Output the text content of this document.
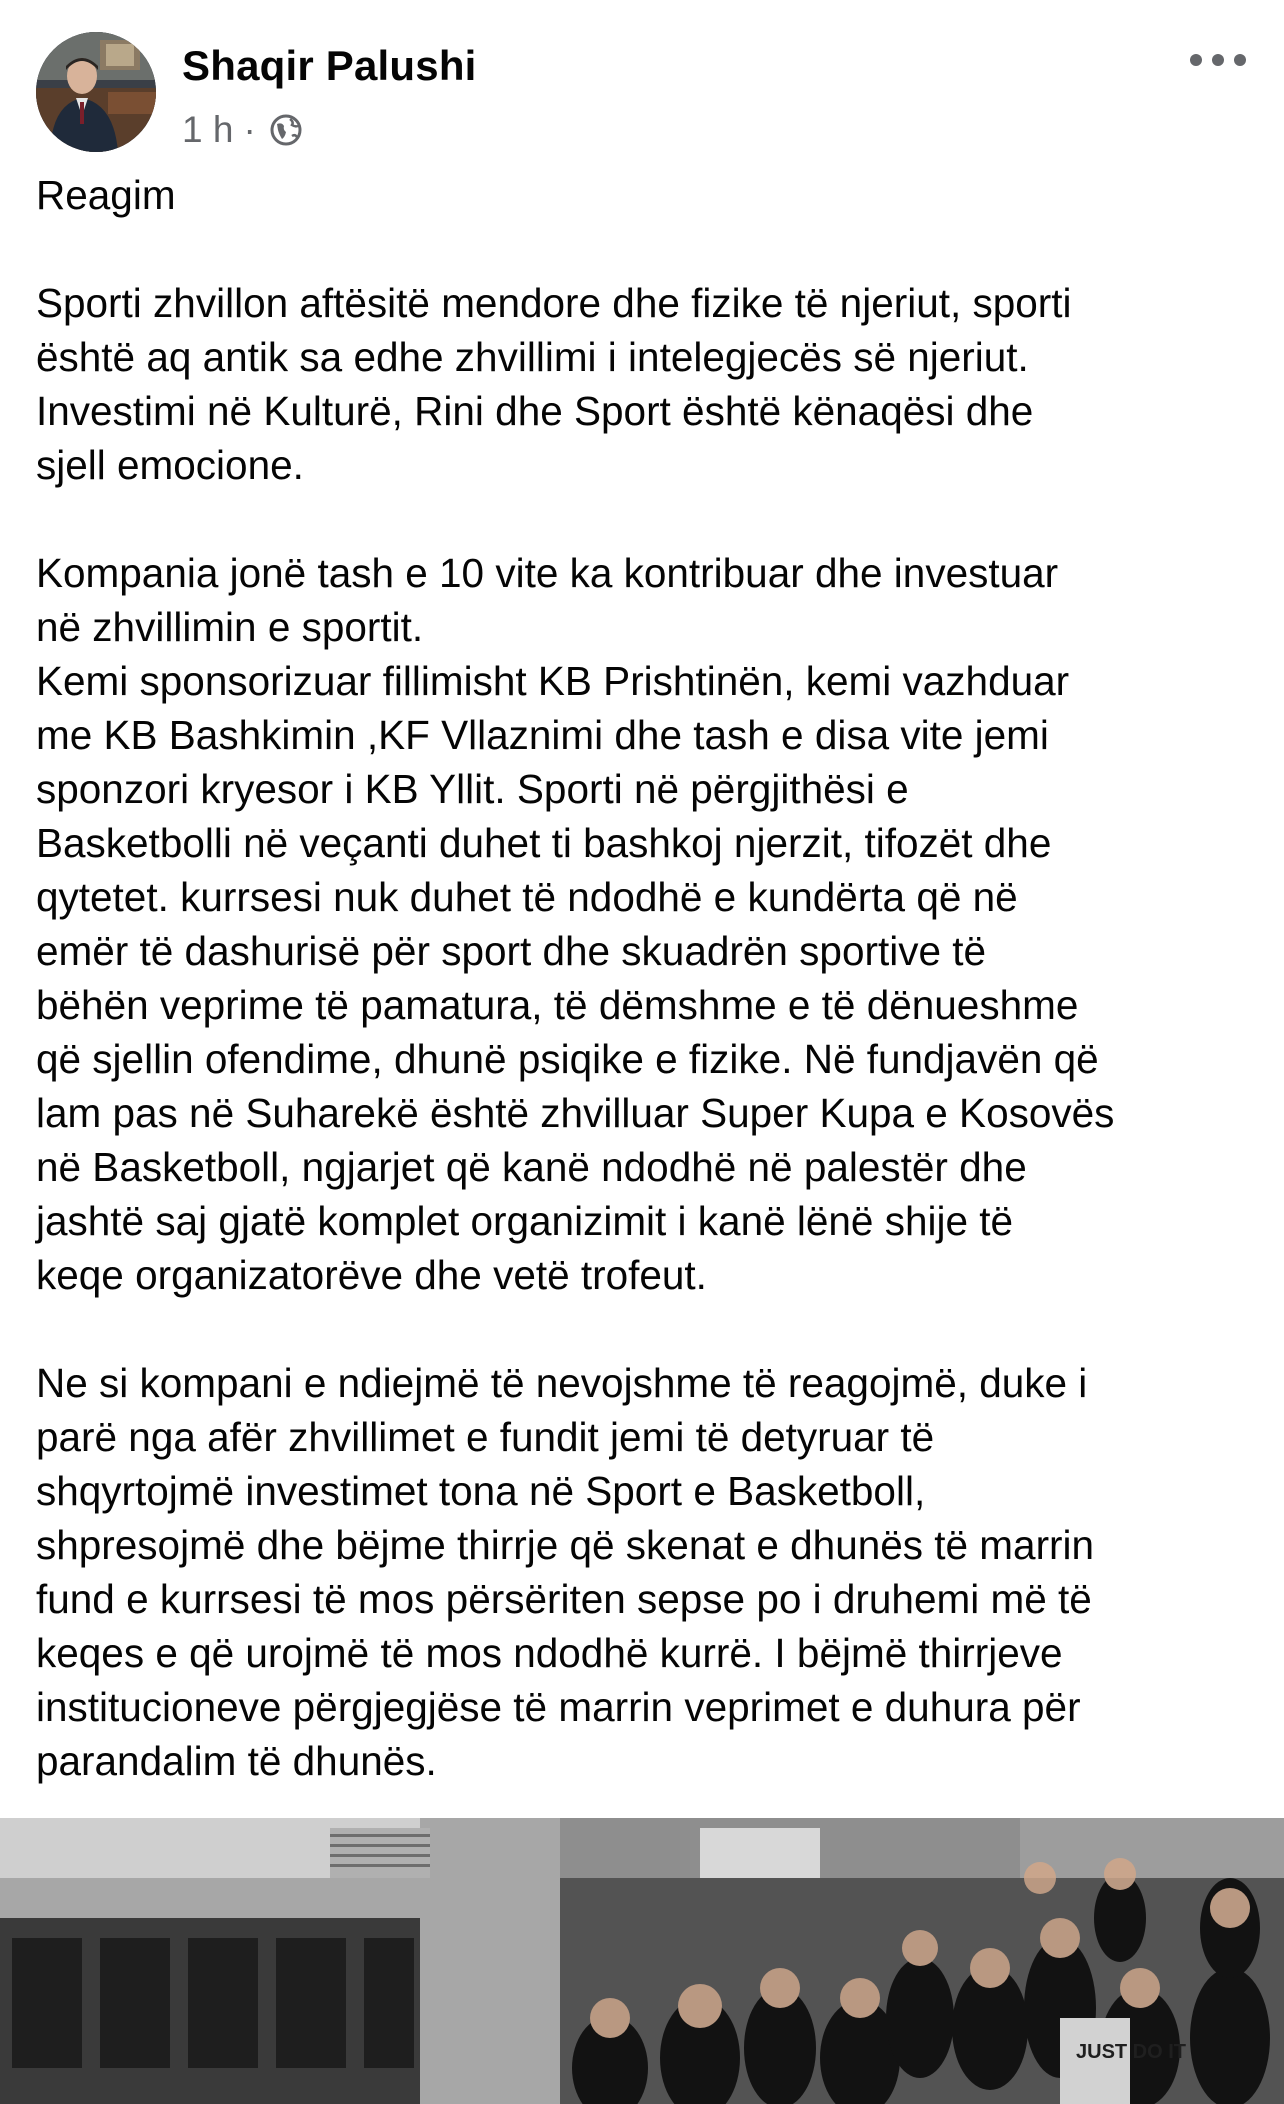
Shaqir Palushi
1 h ·

Reagim

Sporti zhvillon aftësitë mendore dhe fizike të njeriut, sporti
është aq antik sa edhe zhvillimi i intelegjecës së njeriut.
Investimi në Kulturë, Rini dhe Sport është kënaqësi dhe
sjell emocione.

Kompania jonë tash e 10 vite ka kontribuar dhe investuar
në zhvillimin e sportit.
Kemi sponsorizuar fillimisht KB Prishtinën, kemi vazhduar
me KB Bashkimin ,KF Vllaznimi dhe tash e disa vite jemi
sponzori kryesor i KB Yllit. Sporti në përgjithësi e
Basketbolli në veçanti duhet ti bashkoj njerzit, tifozët dhe
qytetet. kurrsesi nuk duhet të ndodhë e kundërta që në
emër të dashurisë për sport dhe skuadrën sportive të
bëhën veprime të pamatura, të dëmshme e të dënueshme
që sjellin ofendime, dhunë psiqike e fizike. Në fundjavën që
lam pas në Suharekë është zhvilluar Super Kupa e Kosovës
në Basketboll, ngjarjet që kanë ndodhë në palestër dhe
jashtë saj gjatë komplet organizimit i kanë lënë shije të
keqe organizatorëve dhe vetë trofeut.

Ne si kompani e ndiejmë të nevojshme të reagojmë, duke i
parë nga afër zhvillimet e fundit jemi të detyruar të
shqyrtojmë investimet tona në Sport e Basketboll,
shpresojmë dhe bëjme thirrje që skenat e dhunës të marrin
fund e kurrsesi të mos përsëriten sepse po i druhemi më të
keqes e që urojmë të mos ndodhë kurrë. I bëjmë thirrjeve
institucioneve përgjegjëse të marrin veprimet e duhura për
parandalim të dhunës.

JUST DO IT
